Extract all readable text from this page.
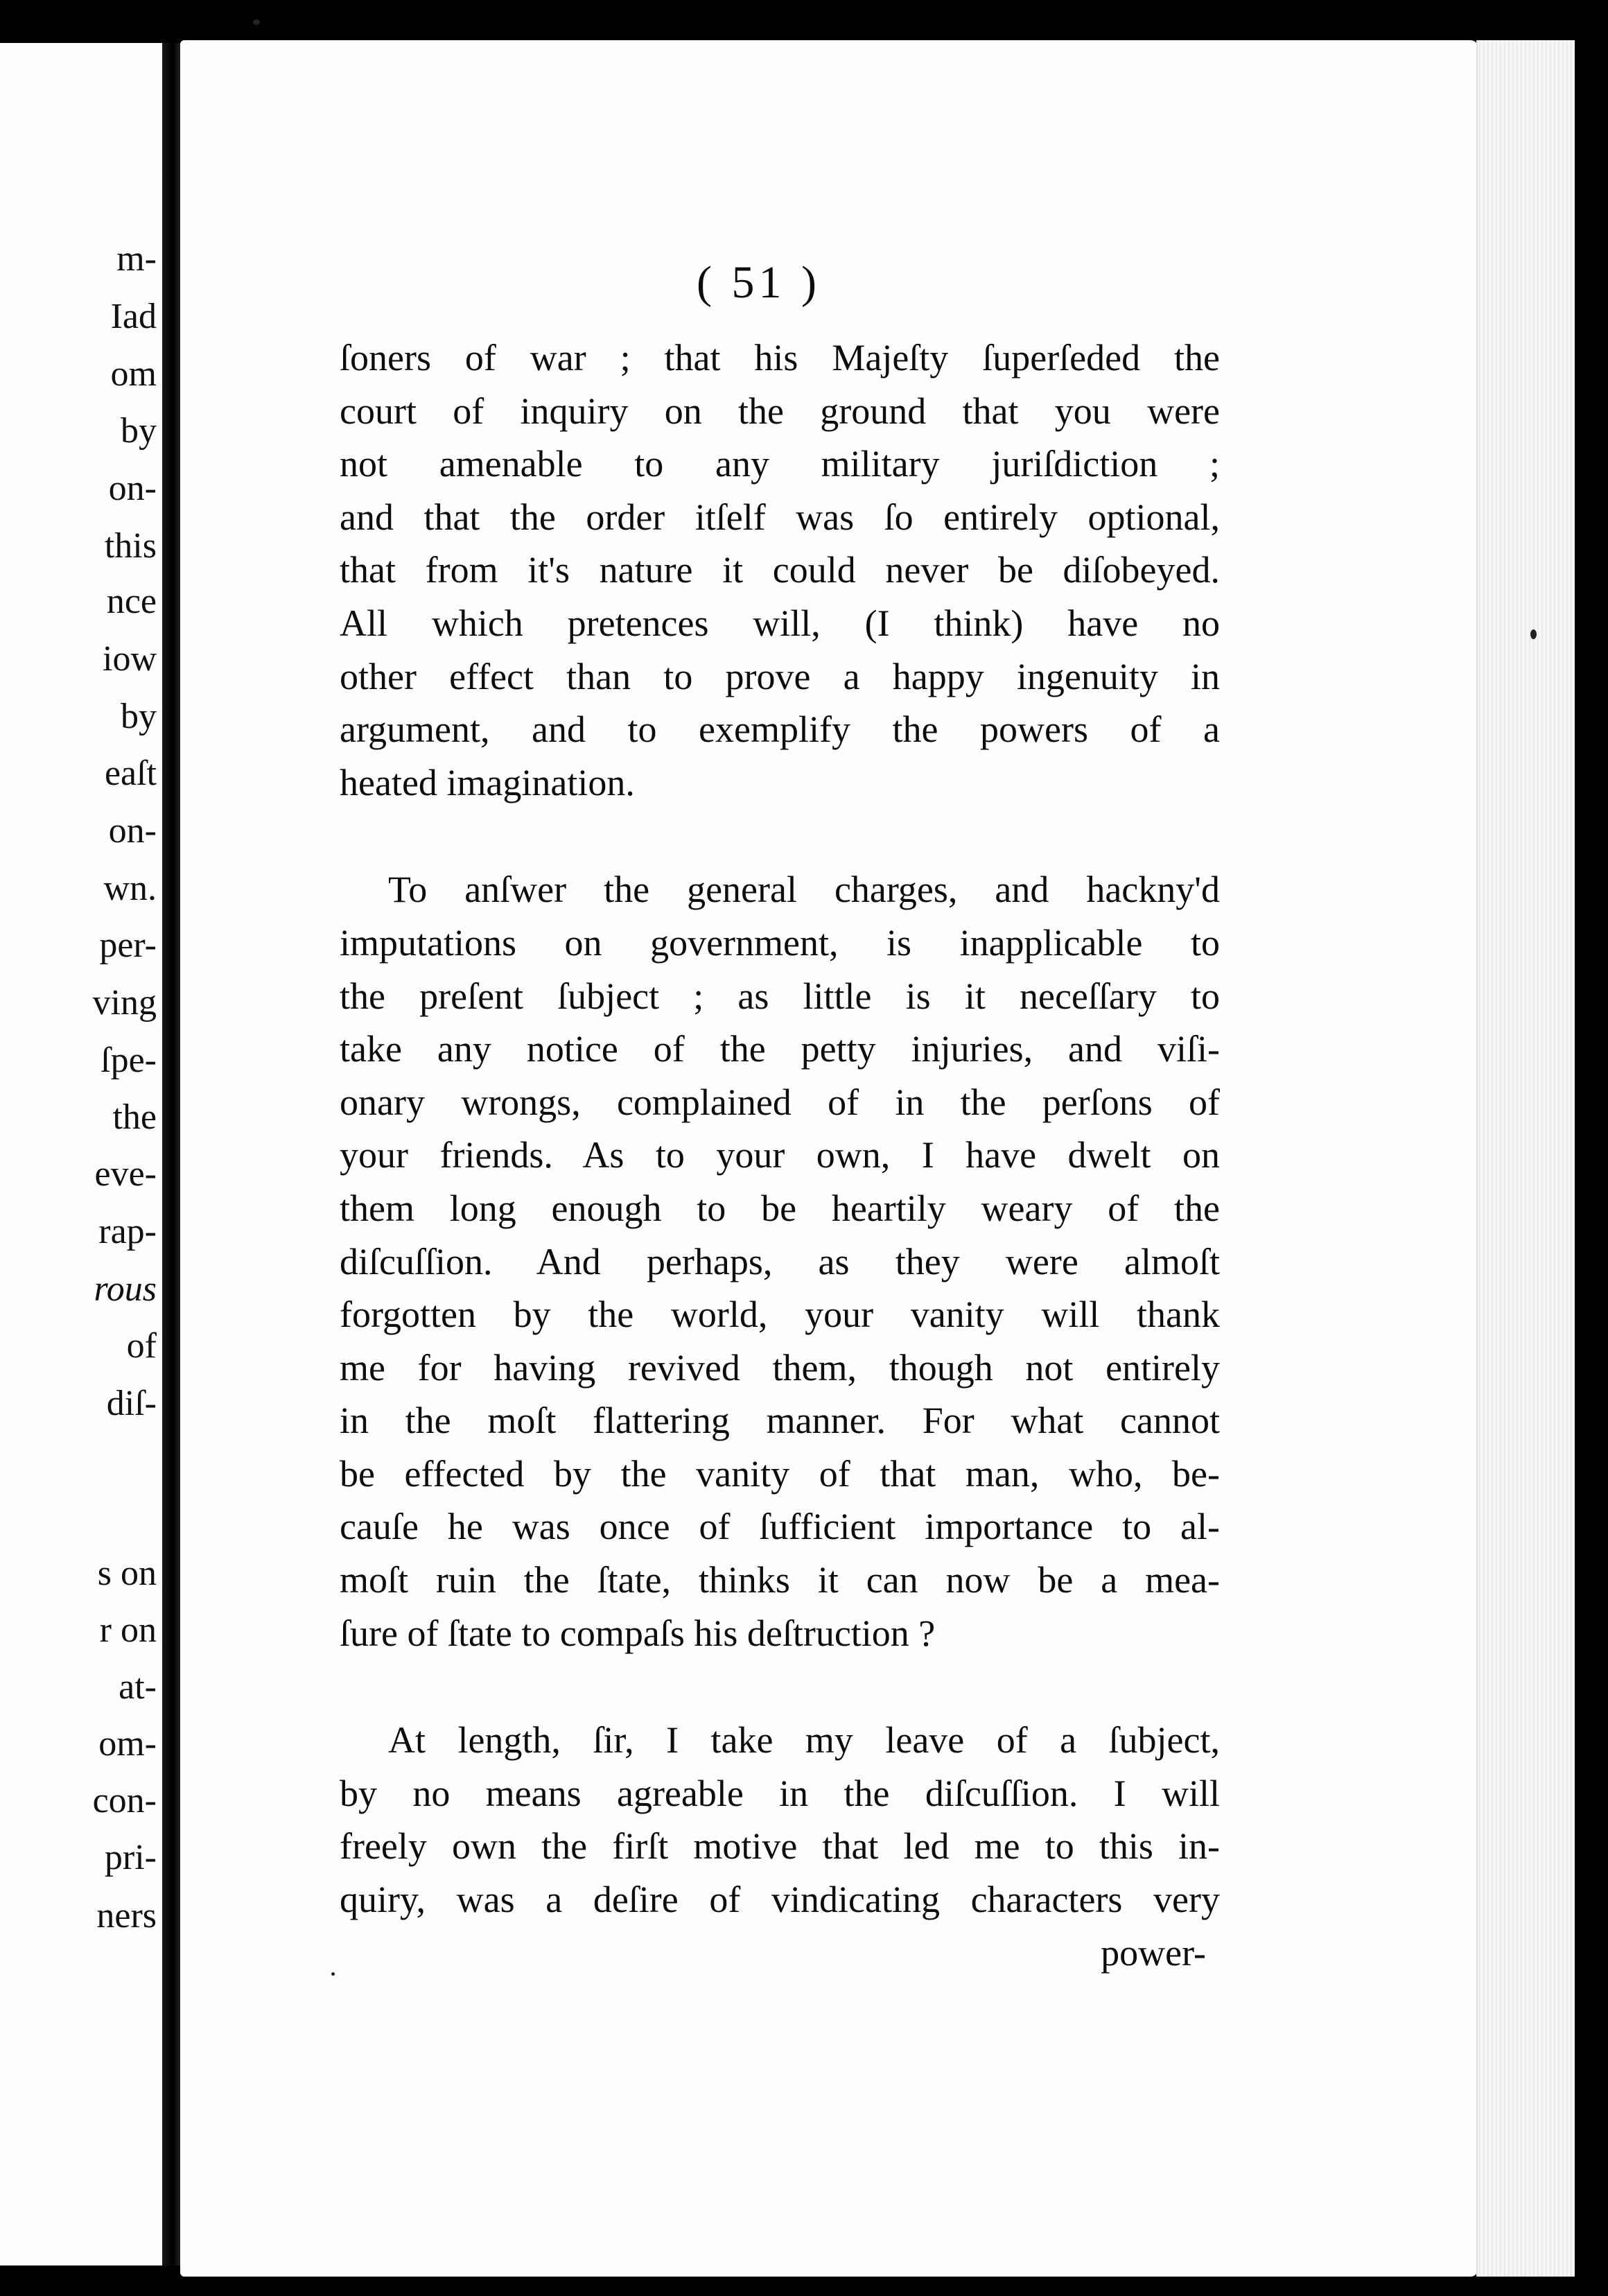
m-
Iad
om
by
on-
this
nce
iow
by
eaſt
on-
wn.
per-
ving
ſpe-
the
eve-
rap-
rous
of
diſ-
s on
r on
at-
om-
con-
pri-
ners
( 51 )
ſoners of war ; that his Majeſty ſuperſeded the
court of inquiry on the ground that you were
not amenable to any military juriſdiction ;
and that the order itſelf was ſo entirely optional,
that from it's nature it could never be diſobeyed.
All which pretences will, (I think) have no
other effect than to prove a happy ingenuity in
argument, and to exemplify the powers of a
heated imagination.
To anſwer the general charges, and hackny'd
imputations on government, is inapplicable to
the preſent ſubject ; as little is it neceſſary to
take any notice of the petty injuries, and viſi-
onary wrongs, complained of in the perſons of
your friends. As to your own, I have dwelt on
them long enough to be heartily weary of the
diſcuſſion. And perhaps, as they were almoſt
forgotten by the world, your vanity will thank
me for having revived them, though not entirely
in the moſt flattering manner. For what cannot
be effected by the vanity of that man, who, be-
cauſe he was once of ſufficient importance to al-
moſt ruin the ſtate, thinks it can now be a mea-
ſure of ſtate to compaſs his deſtruction ?
At length, ſir, I take my leave of a ſubject,
by no means agreable in the diſcuſſion. I will
freely own the firſt motive that led me to this in-
quiry, was a deſire of vindicating characters very
power-
